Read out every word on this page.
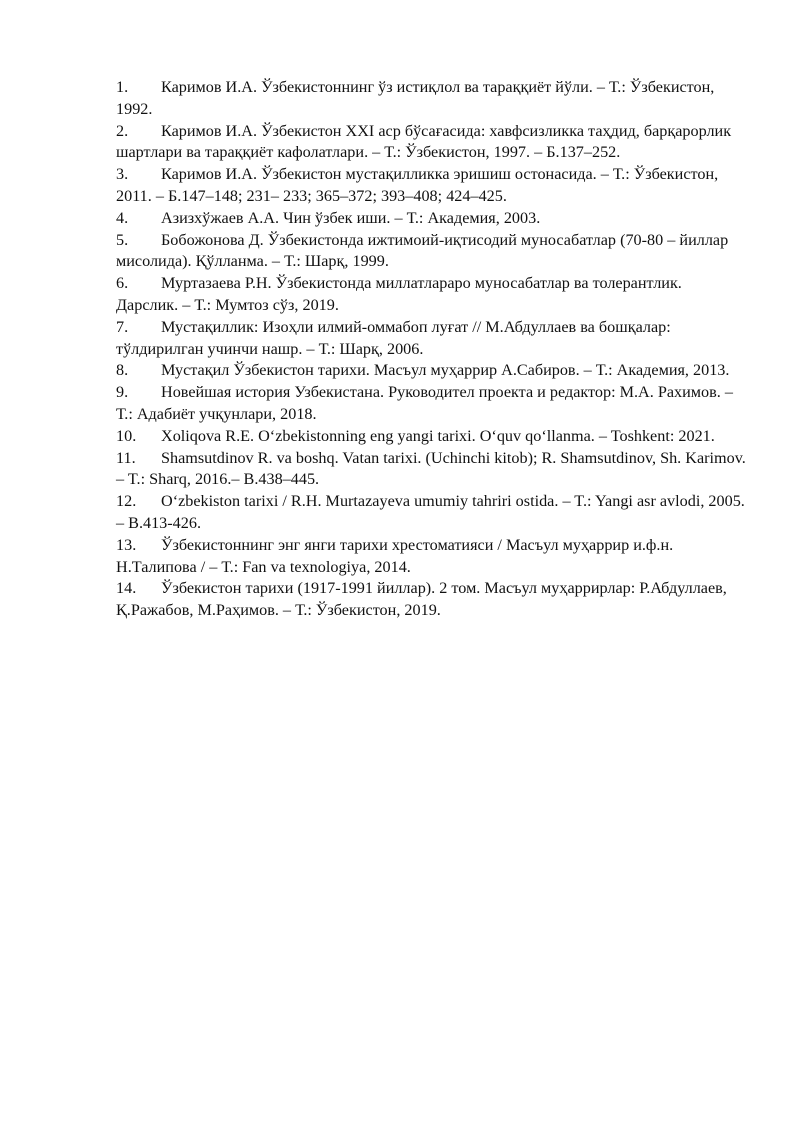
1. Каримов И.А. Ўзбекистоннинг ўз истиқлол ва тараққиёт йўли. – Т.: Ўзбекистон, 1992.
2. Каримов И.А. Ўзбекистон XXI аср бўсағасида: хавфсизликка таҳдид, барқарорлик шартлари ва тараққиёт кафолатлари. – Т.: Ўзбекистон, 1997. – Б.137‒252.
3. Каримов И.А. Ўзбекистон мустақилликка эришиш остонасида. – Т.: Ўзбекистон, 2011. – Б.147–148; 231– 233; 365–372; 393–408; 424–425.
4. Азизхўжаев А.А. Чин ўзбек иши. – Т.: Академия, 2003.
5. Бобожонова Д. Ўзбекистонда ижтимоий-иқтисодий муносабатлар (70-80 – йиллар мисолида). Қўлланма. – Т.: Шарқ, 1999.
6. Муртазаева Р.Н. Ўзбекистонда миллатлараро муносабатлар ва толерантлик. Дарслик. – Т.: Мумтоз сўз, 2019.
7. Мустақиллик: Изоҳли илмий-оммабоп луғат // М.Абдуллаев ва бошқалар: тўлдирилган учинчи нашр. – Т.: Шарқ, 2006.
8. Мустақил Ўзбекистон тарихи. Масъул муҳаррир А.Сабиров. – Т.: Академия, 2013.
9. Новейшая история Узбекистана. Руководител проекта и редактор: М.А. Рахимов. – Т.: Адабиёт учқунлари, 2018.
10. Xoliqova R.E. O‘zbekistonning eng yangi tarixi. O‘quv qo‘llanma. – Toshkent: 2021.
11. Shamsutdinov R. va boshq. Vatan tarixi. (Uchinchi kitob); R. Shamsutdinov, Sh. Karimov. – T.: Sharq, 2016.– B.438–445.
12. O‘zbekiston tarixi / R.H. Murtazayeva umumiy tahriri ostida. – T.: Yangi asr avlodi, 2005. – B.413-426.
13. Ўзбекистоннинг энг янги тарихи хрестоматияси / Масъул муҳаррир и.ф.н. Н.Талипова / – Т.: Fan va texnologiya, 2014.
14. Ўзбекистон тарихи (1917-1991 йиллар). 2 том. Масъул муҳаррирлар: Р.Абдуллаев, Қ.Ражабов, М.Раҳимов. – Т.: Ўзбекистон, 2019.
